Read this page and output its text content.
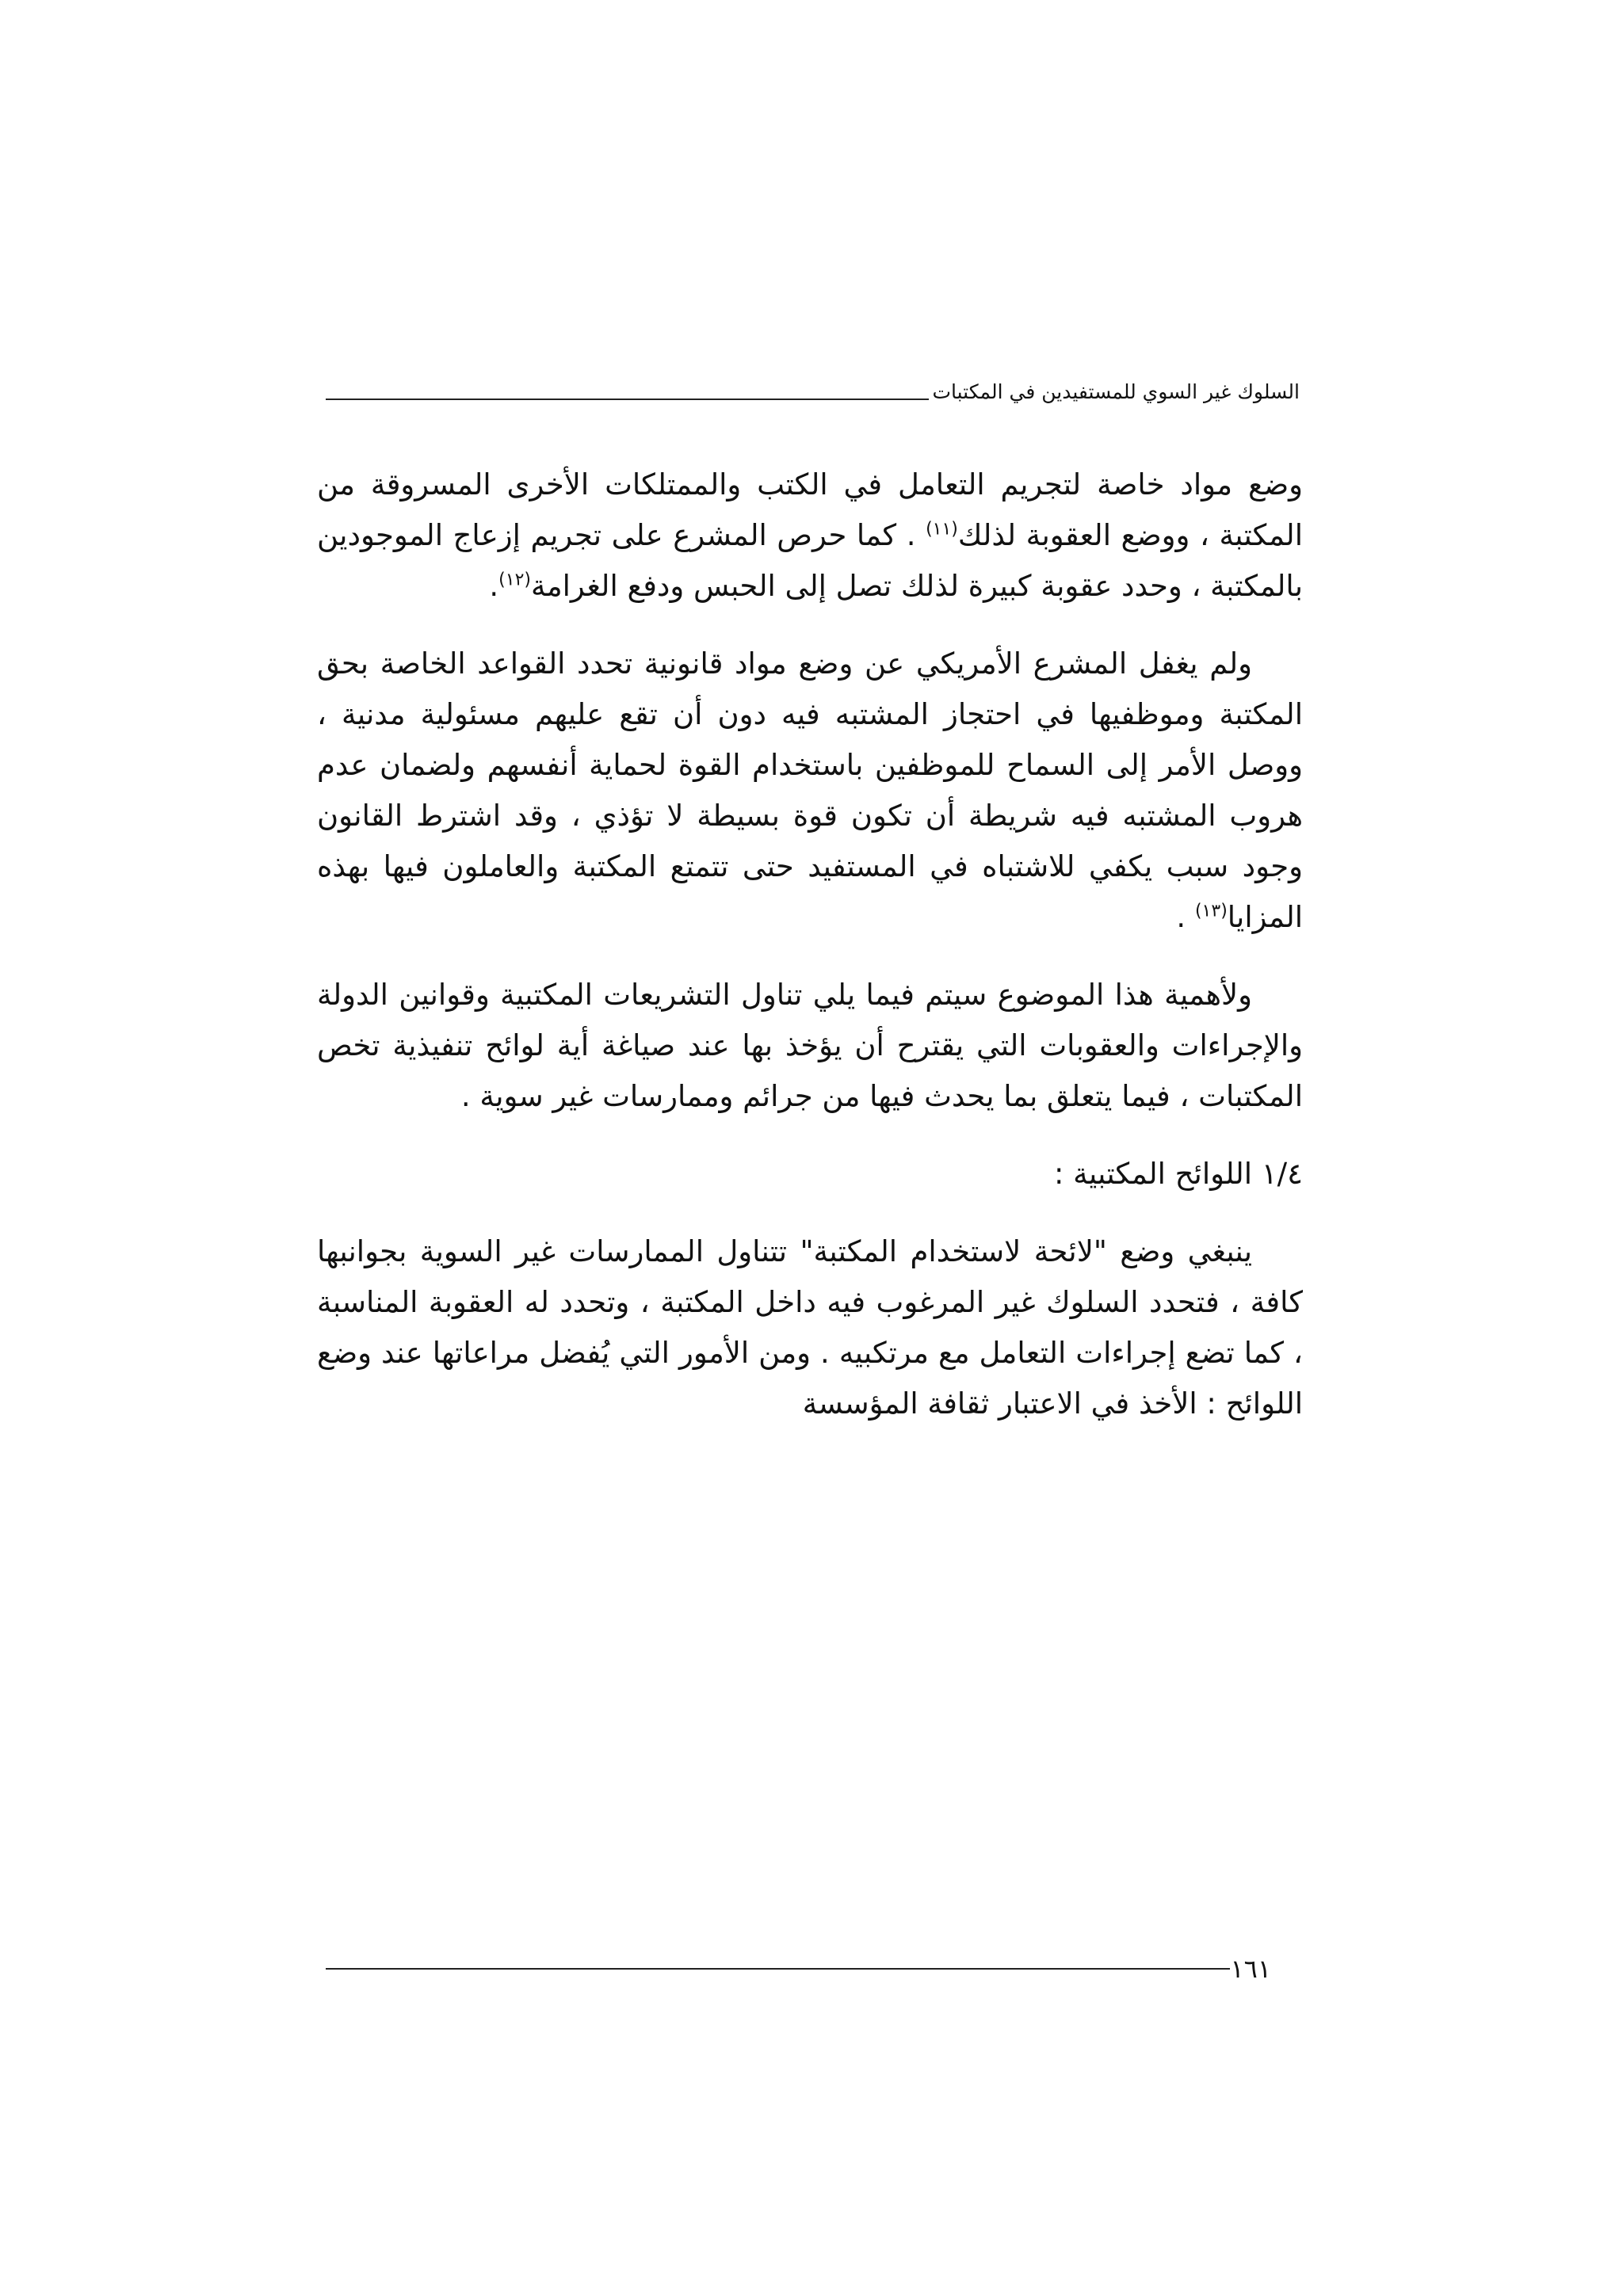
السلوك غير السوي للمستفيدين في المكتبات

وضع مواد خاصة لتجريم التعامل في الكتب والممتلكات الأخرى المسروقة من المكتبة ، ووضع العقوبة لذلك$^{(١١)}$ . كما حرص المشرع على تجريم إزعاج الموجودين بالمكتبة ، وحدد عقوبة كبيرة لذلك تصل إلى الحبس ودفع الغرامة$^{(١٢)}$.

ولم يغفل المشرع الأمريكي عن وضع مواد قانونية تحدد القواعد الخاصة بحق المكتبة وموظفيها في احتجاز المشتبه فيه دون أن تقع عليهم مسئولية مدنية ، ووصل الأمر إلى السماح للموظفين باستخدام القوة لحماية أنفسهم ولضمان عدم هروب المشتبه فيه شريطة أن تكون قوة بسيطة لا تؤذي ، وقد اشترط القانون وجود سبب يكفي للاشتباه في المستفيد حتى تتمتع المكتبة والعاملون فيها بهذه المزايا$^{(١٣)}$ .

ولأهمية هذا الموضوع سيتم فيما يلي تناول التشريعات المكتبية وقوانين الدولة والإجراءات والعقوبات التي يقترح أن يؤخذ بها عند صياغة أية لوائح تنفيذية تخص المكتبات ، فيما يتعلق بما يحدث فيها من جرائم وممارسات غير سوية .

١/٤ اللوائح المكتبية :

ينبغي وضع "لائحة لاستخدام المكتبة" تتناول الممارسات غير السوية بجوانبها كافة ، فتحدد السلوك غير المرغوب فيه داخل المكتبة ، وتحدد له العقوبة المناسبة ، كما تضع إجراءات التعامل مع مرتكبيه . ومن الأمور التي يُفضل مراعاتها عند وضع اللوائح : الأخذ في الاعتبار ثقافة المؤسسة

١٦١
